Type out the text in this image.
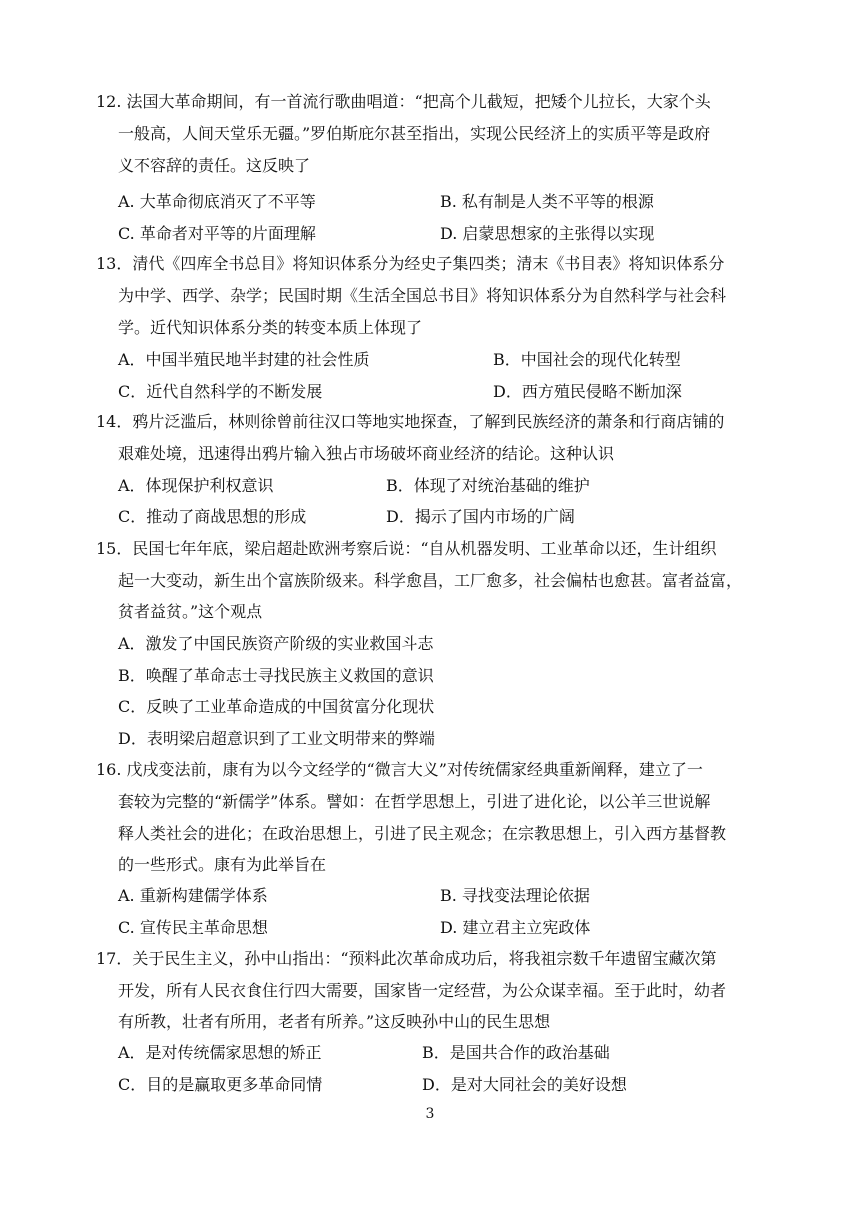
12. 法国大革命期间，有一首流行歌曲唱道：“把高个儿截短，把矮个儿拉长，大家个头
一般高，人间天堂乐无疆。”罗伯斯庇尔甚至指出，实现公民经济上的实质平等是政府
义不容辞的责任。这反映了
A. 大革命彻底消灭了不平等	B. 私有制是人类不平等的根源
C. 革命者对平等的片面理解	D. 启蒙思想家的主张得以实现
13．清代《四库全书总目》将知识体系分为经史子集四类；清末《书目表》将知识体系分
为中学、西学、杂学；民国时期《生活全国总书目》将知识体系分为自然科学与社会科
学。近代知识体系分类的转变本质上体现了
A．中国半殖民地半封建的社会性质	B．中国社会的现代化转型
C．近代自然科学的不断发展	D．西方殖民侵略不断加深
14．鸦片泛滥后，林则徐曾前往汉口等地实地探查，了解到民族经济的萧条和行商店铺的
艰难处境，迅速得出鸦片输入独占市场破坏商业经济的结论。这种认识
A．体现保护利权意识	B．体现了对统治基础的维护
C．推动了商战思想的形成	D．揭示了国内市场的广阔
15．民国七年年底，梁启超赴欧洲考察后说：“自从机器发明、工业革命以还，生计组织
起一大变动，新生出个富族阶级来。科学愈昌，工厂愈多，社会偏枯也愈甚。富者益富，
贫者益贫。”这个观点
A．激发了中国民族资产阶级的实业救国斗志
B．唤醒了革命志士寻找民族主义救国的意识
C．反映了工业革命造成的中国贫富分化现状
D．表明梁启超意识到了工业文明带来的弊端
16. 戊戌变法前，康有为以今文经学的“微言大义”对传统儒家经典重新阐释，建立了一
套较为完整的“新儒学”体系。譬如：在哲学思想上，引进了进化论，以公羊三世说解
释人类社会的进化；在政治思想上，引进了民主观念；在宗教思想上，引入西方基督教
的一些形式。康有为此举旨在
A. 重新构建儒学体系	B. 寻找变法理论依据
C. 宣传民主革命思想	D. 建立君主立宪政体
17．关于民生主义，孙中山指出：“预料此次革命成功后，将我祖宗数千年遗留宝藏次第
开发，所有人民衣食住行四大需要，国家皆一定经营，为公众谋幸福。至于此时，幼者
有所教，壮者有所用，老者有所养。”这反映孙中山的民生思想
A．是对传统儒家思想的矫正	B．是国共合作的政治基础
C．目的是赢取更多革命同情	D．是对大同社会的美好设想
3
